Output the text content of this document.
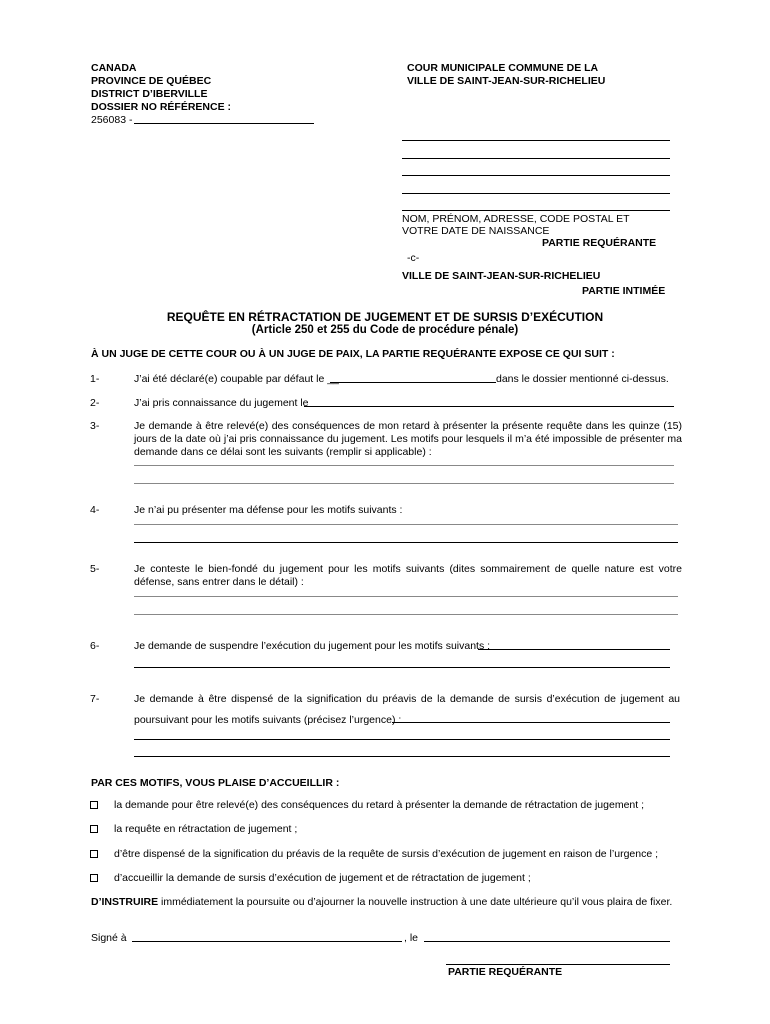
CANADA
PROVINCE DE QUÉBEC
DISTRICT D’IBERVILLE
DOSSIER NO RÉFÉRENCE :
256083 -
COUR MUNICIPALE COMMUNE DE LA
VILLE DE SAINT-JEAN-SUR-RICHELIEU
NOM, PRÉNOM, ADRESSE, CODE POSTAL ET
VOTRE DATE DE NAISSANCE
PARTIE REQUÉRANTE
-c-
VILLE DE SAINT-JEAN-SUR-RICHELIEU
PARTIE INTIMÉE
REQUÊTE EN RÉTRACTATION DE JUGEMENT ET DE SURSIS D’EXÉCUTION
(Article 250 et 255 du Code de procédure pénale)
À UN JUGE DE CETTE COUR OU À UN JUGE DE PAIX, LA PARTIE REQUÉRANTE EXPOSE CE QUI SUIT :
1-	J’ai été déclaré(e) coupable par défaut le __	dans le dossier mentionné ci-dessus.
2-	J’ai pris connaissance du jugement le
3-	Je demande à être relevé(e) des conséquences de mon retard à présenter la présente requête dans les quinze (15) jours de la date où j’ai pris connaissance du jugement. Les motifs pour lesquels il m’a été impossible de présenter ma demande dans ce délai sont les suivants (remplir si applicable) :
4-	Je n’ai pu présenter ma défense pour les motifs suivants :
5-	Je conteste le bien-fondé du jugement pour les motifs suivants (dites sommairement de quelle nature est votre défense, sans entrer dans le détail) :
6-	Je demande de suspendre l’exécution du jugement pour les motifs suivants :
7-	Je demande à être dispensé de la signification du préavis de la demande de sursis d’exécution de jugement au
poursuivant pour les motifs suivants (précisez l’urgence) :
PAR CES MOTIFS, VOUS PLAISE D’ACCUEILLIR :
la demande pour être relevé(e) des conséquences du retard à présenter la demande de rétractation de jugement ;
la requête en rétractation de jugement ;
d’être dispensé de la signification du préavis de la requête de sursis d’exécution de jugement en raison de l’urgence ;
d’accueillir la demande de sursis d’exécution de jugement et de rétractation de jugement ;
D’INSTRUIRE immédiatement la poursuite ou d’ajourner la nouvelle instruction à une date ultérieure qu’il vous plaira de fixer.
Signé à	, le
PARTIE REQUÉRANTE
